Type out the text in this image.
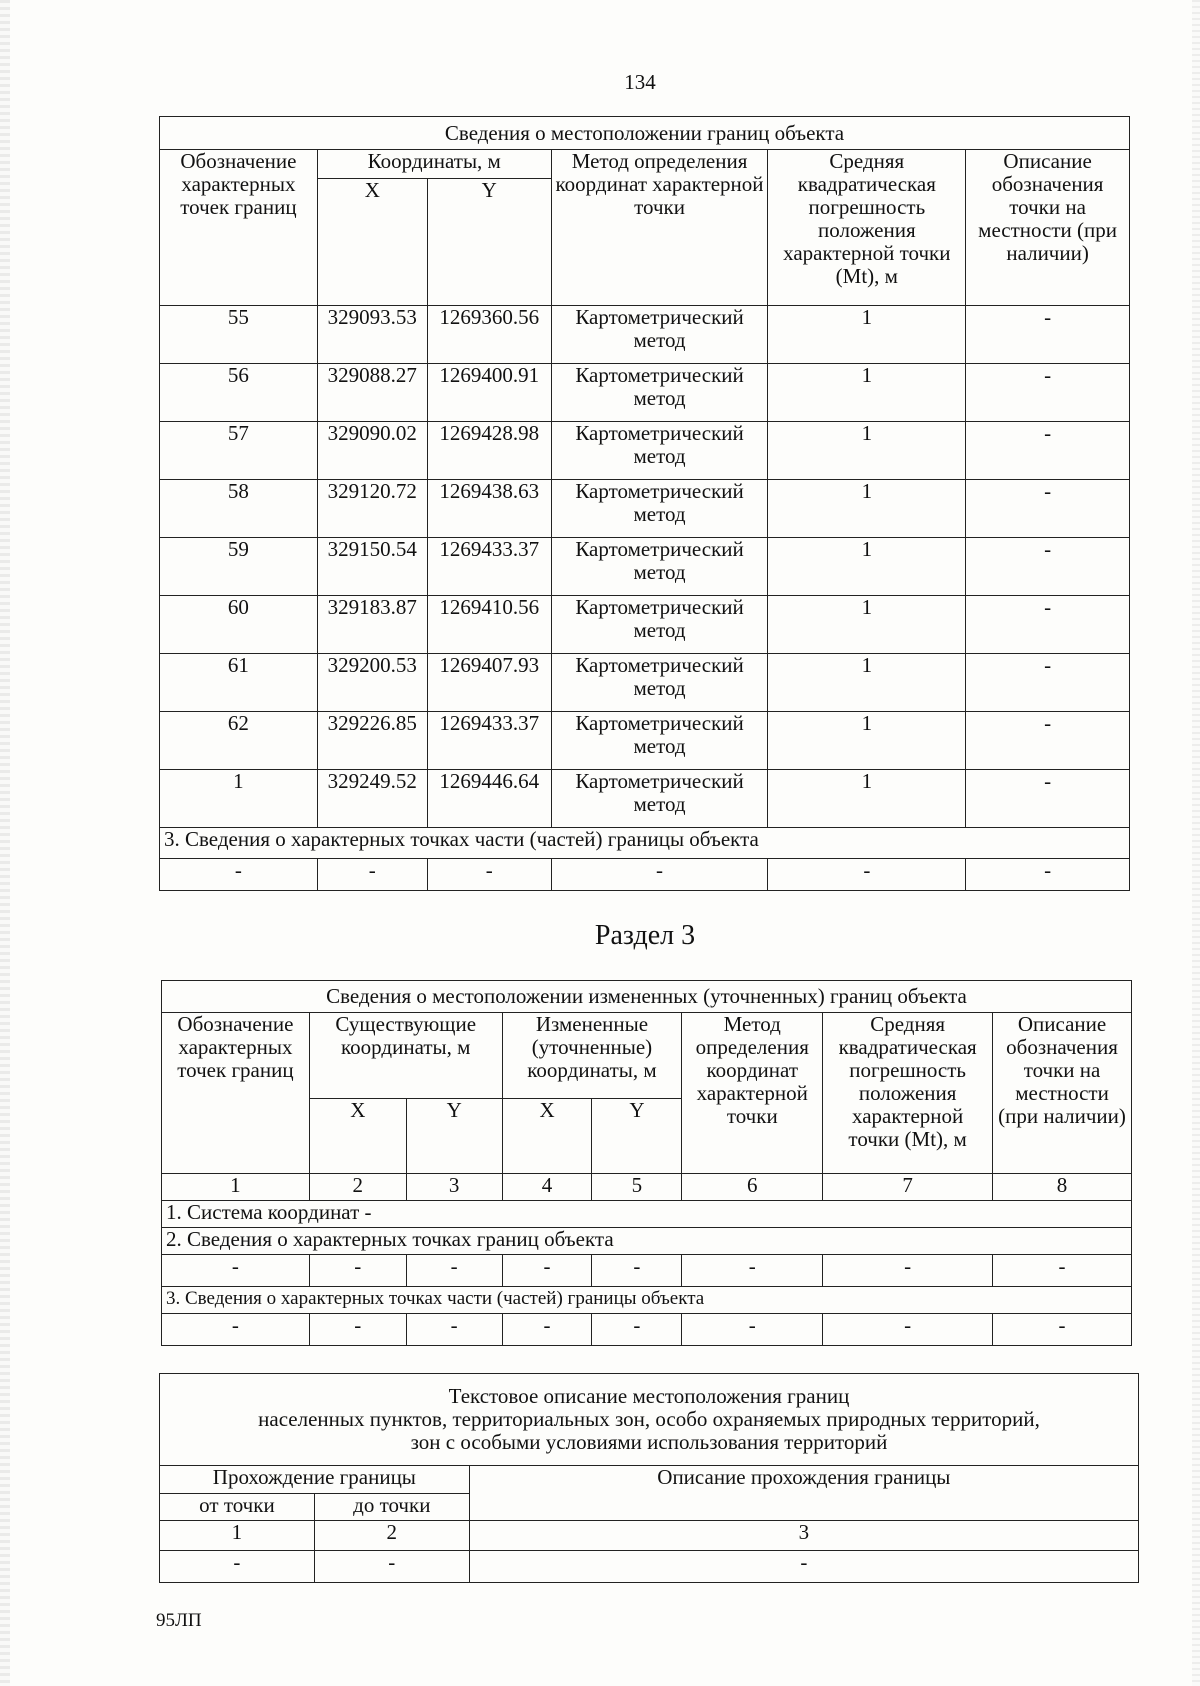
134
Сведения о местоположении границ объекта					
Обозначение характерных точек границ	Координаты, м		Метод определения координат характерной точки	Средняя квадратическая погрешность положения характерной точки (Mt), м	Описание обозначения точки на местности (при наличии)
	X	Y			
55	329093.53	1269360.56	Картометрический метод	1	-
56	329088.27	1269400.91	Картометрический метод	1	-
57	329090.02	1269428.98	Картометрический метод	1	-
58	329120.72	1269438.63	Картометрический метод	1	-
59	329150.54	1269433.37	Картометрический метод	1	-
60	329183.87	1269410.56	Картометрический метод	1	-
61	329200.53	1269407.93	Картометрический метод	1	-
62	329226.85	1269433.37	Картометрический метод	1	-
1	329249.52	1269446.64	Картометрический метод	1	-
3. Сведения о характерных точках части (частей) границы объекта					
-	-	-	-	-	-
Раздел 3
Сведения о местоположении измененных (уточненных) границ объекта							
Обозначение характерных точек границ	Существующие координаты, м		Измененные (уточненные) координаты, м		Метод определения координат характерной точки	Средняя квадратическая погрешность положения характерной точки (Mt), м	Описание обозначения точки на местности (при наличии)
	X	Y	X	Y			
1	2	3	4	5	6	7	8
1. Система координат -							
2. Сведения о характерных точках границ объекта							
-	-	-	-	-	-	-	-
3. Сведения о характерных точках части (частей) границы объекта							
-	-	-	-	-	-	-	-
Текстовое описание местоположения границ
населенных пунктов, территориальных зон, особо охраняемых природных территорий,
зон с особыми условиями использования территорий		

Прохождение границы		Описание прохождения границы
от точки	до точки	
1	2	3
-	-	-
95ЛП
